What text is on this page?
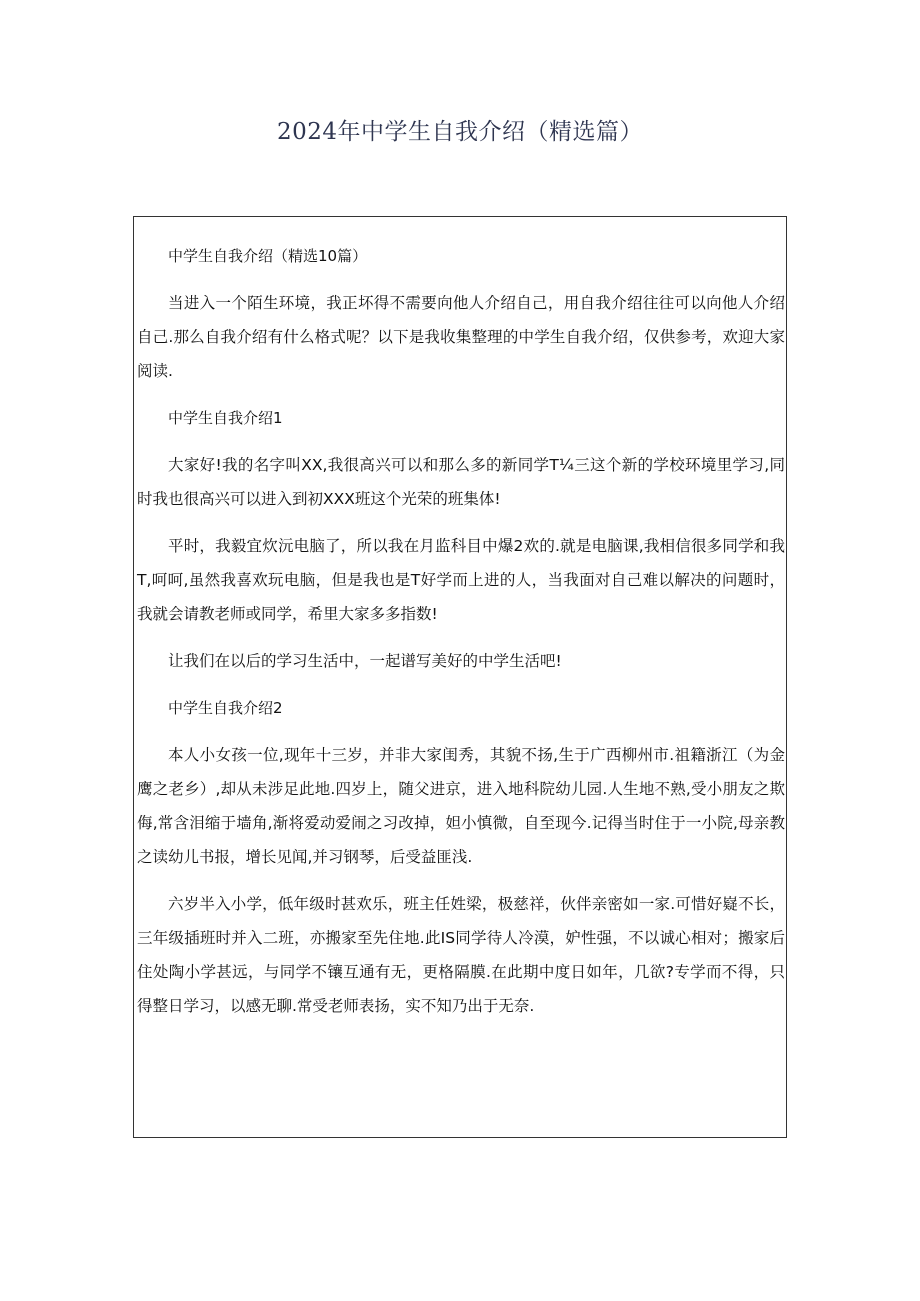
2024年中学生自我介绍（精选篇）

中学生自我介绍（精选10篇）

当进入一个陌生环境，我正坏得不需要向他人介绍自己，用自我介绍往往可以向他人介绍自己.那么自我介绍有什么格式呢？以下是我收集整理的中学生自我介绍，仅供参考，欢迎大家阅读.

中学生自我介绍1

大家好!我的名字叫XX,我很高兴可以和那么多的新同学T¼三这个新的学校环境里学习,同时我也很高兴可以进入到初XXX班这个光荣的班集体!

平时，我毅宜炊沅电脑了，所以我在月监科目中爆2欢的.就是电脑课,我相信很多同学和我T,呵呵,虽然我喜欢玩电脑，但是我也是T好学而上进的人，当我面对自己难以解决的问题时，我就会请教老师或同学，希里大家多多指数!

让我们在以后的学习生活中，一起谱写美好的中学生活吧!

中学生自我介绍2

本人小女孩一位,现年十三岁，并非大家闺秀，其貌不扬,生于广西柳州市.祖籍浙江（为金鹰之老乡）,却从未涉足此地.四岁上，随父进京，进入地科院幼儿园.人生地不熟,受小朋友之欺侮,常含泪缩于墙角,渐将爱动爱闹之习改掉，妲小慎微，自至现今.记得当时住于一小院,母亲教之读幼儿书报，增长见闻,并习钢琴，后受益匪浅.

六岁半入小学，低年级时甚欢乐，班主任姓梁，极慈祥，伙伴亲密如一家.可惜好嶷不长，三年级插班时并入二班，亦搬家至先住地.此IS同学待人冷漠，妒性强，不以诚心相对；搬家后住处陶小学甚远，与同学不镶互通有无，更格隔膜.在此期中度日如年，几欲?专学而不得，只得整日学习，以感无聊.常受老师表扬，实不知乃出于无奈.
